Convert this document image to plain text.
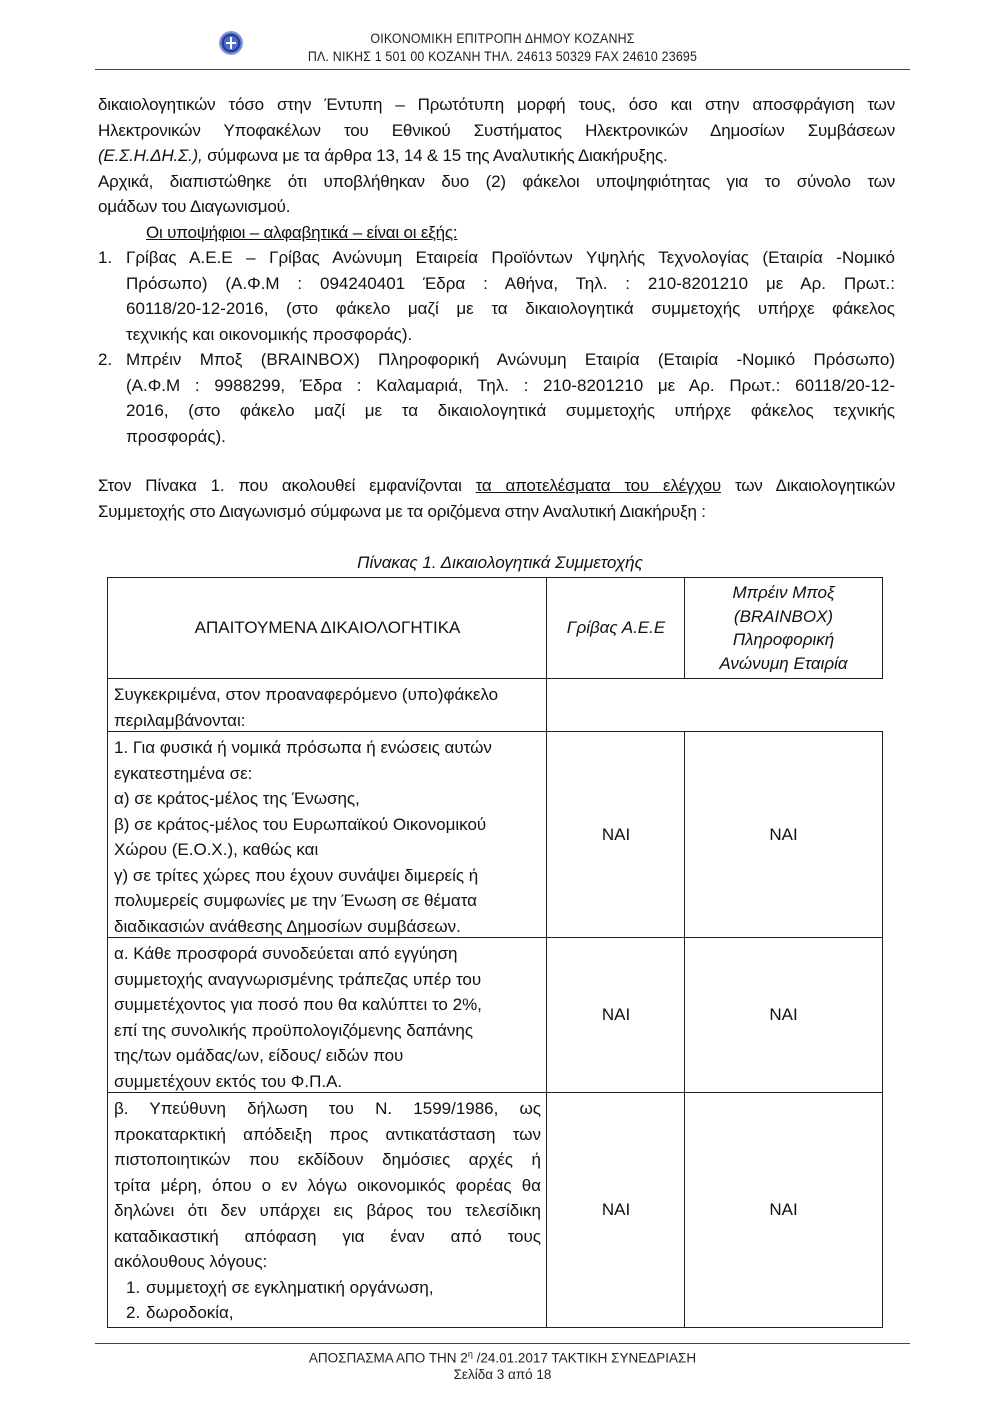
ΟΙΚΟΝΟΜΙΚΗ ΕΠΙΤΡΟΠΗ ΔΗΜΟΥ ΚΟΖΑΝΗΣ
ΠΛ. ΝΙΚΗΣ 1 501 00 ΚΟΖΑΝΗ ΤΗΛ. 24613 50329 FAX 24610 23695
δικαιολογητικών τόσο στην Έντυπη – Πρωτότυπη μορφή τους, όσο και στην αποσφράγιση των
Ηλεκτρονικών Υποφακέλων του Εθνικού Συστήματος Ηλεκτρονικών Δημοσίων Συμβάσεων
(Ε.Σ.Η.ΔΗ.Σ.), σύμφωνα με τα άρθρα 13, 14 & 15 της Αναλυτικής Διακήρυξης.
Αρχικά, διαπιστώθηκε ότι υποβλήθηκαν δυο (2) φάκελοι υποψηφιότητας για το σύνολο των
ομάδων του Διαγωνισμού.
Οι υποψήφιοι – αλφαβητικά – είναι οι εξής:
1. Γρίβας Α.Ε.Ε – Γρίβας Ανώνυμη Εταιρεία Προϊόντων Υψηλής Τεχνολογίας (Εταιρία -Νομικό
Πρόσωπο) (Α.Φ.Μ : 094240401 Έδρα : Αθήνα, Τηλ. : 210-8201210 με Αρ. Πρωτ.:
60118/20-12-2016, (στο φάκελο μαζί με τα δικαιολογητικά συμμετοχής υπήρχε φάκελος
τεχνικής και οικονομικής προσφοράς).
2. Μπρέιν Μποξ (BRAINBOX) Πληροφορική Ανώνυμη Εταιρία (Εταιρία -Νομικό Πρόσωπο)
(Α.Φ.Μ : 9988299, Έδρα : Καλαμαριά, Τηλ. : 210-8201210 με Αρ. Πρωτ.: 60118/20-12-
2016, (στο φάκελο μαζί με τα δικαιολογητικά συμμετοχής υπήρχε φάκελος τεχνικής
προσφοράς).
Στον Πίνακα 1. που ακολουθεί εμφανίζονται τα αποτελέσματα του ελέγχου των Δικαιολογητικών
Συμμετοχής στο Διαγωνισμό σύμφωνα με τα οριζόμενα στην Αναλυτική Διακήρυξη :
Πίνακας 1. Δικαιολογητικά Συμμετοχής
ΑΠΑΙΤΟΥΜΕΝΑ ΔΙΚΑΙΟΛΟΓΗΤΙΚΑ	Γρίβας Α.Ε.Ε
Μπρέιν Μποξ
(BRAINBOX)
Πληροφορική
Ανώνυμη Εταιρία
Συγκεκριμένα, στον προαναφερόμενο (υπο)φάκελο
περιλαμβάνονται:
1. Για φυσικά ή νομικά πρόσωπα ή ενώσεις αυτών
εγκατεστημένα σε:
α) σε κράτος-μέλος της Ένωσης,
β) σε κράτος-μέλος του Ευρωπαϊκού Οικονομικού
Χώρου (Ε.Ο.Χ.), καθώς και
γ) σε τρίτες χώρες που έχουν συνάψει διμερείς ή
πολυμερείς συμφωνίες με την Ένωση σε θέματα
διαδικασιών ανάθεσης Δημοσίων συμβάσεων.
ΝΑΙ	ΝΑΙ
α. Κάθε προσφορά συνοδεύεται από εγγύηση
συμμετοχής αναγνωρισμένης τράπεζας υπέρ του
συμμετέχοντος για ποσό που θα καλύπτει το 2%,
επί της συνολικής προϋπολογιζόμενης δαπάνης
της/των ομάδας/ων, είδους/ ειδών που
συμμετέχουν εκτός του Φ.Π.Α.
ΝΑΙ	ΝΑΙ
β. Υπεύθυνη δήλωση του Ν. 1599/1986, ως
προκαταρκτική απόδειξη προς αντικατάσταση των
πιστοποιητικών που εκδίδουν δημόσιες αρχές ή
τρίτα μέρη, όπου ο εν λόγω οικονομικός φορέας θα
δηλώνει ότι δεν υπάρχει εις βάρος του τελεσίδικη
καταδικαστική απόφαση για έναν από τους
ακόλουθους λόγους:
1. συμμετοχή σε εγκληματική οργάνωση,
2. δωροδοκία,
ΝΑΙ	ΝΑΙ
ΑΠΟΣΠΑΣΜΑ ΑΠΟ ΤΗΝ $2^\eta$ /24.01.2017 ΤΑΚΤΙΚΗ ΣΥΝΕΔΡΙΑΣΗ
Σελίδα 3 από 18
